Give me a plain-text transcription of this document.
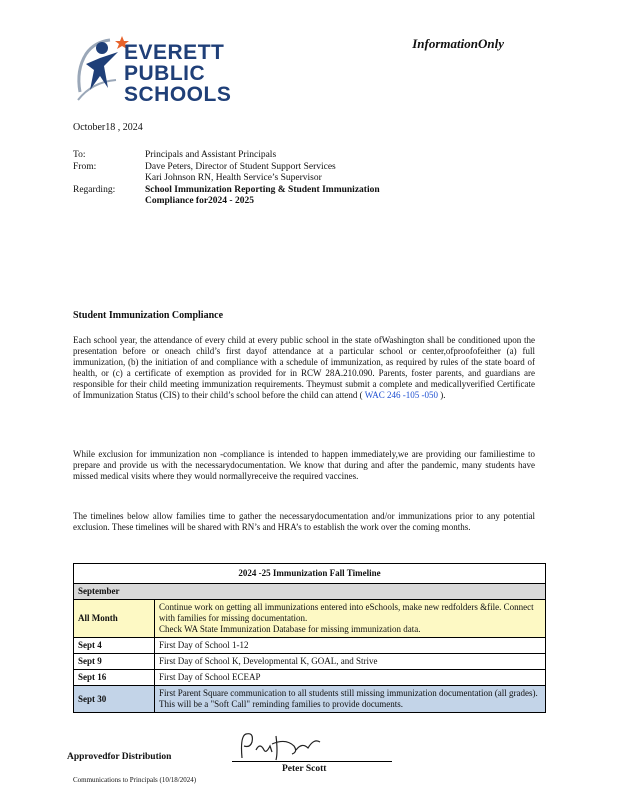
EVERETT
PUBLIC
SCHOOLS
InformationOnly
October18 , 2024
To:	Principals and Assistant Principals
From:	Dave Peters, Director of Student Support Services
Kari Johnson RN, Health Service’s Supervisor
Regarding:	School Immunization Reporting & Student Immunization
Compliance for2024 - 2025
Student Immunization Compliance
Each school year, the attendance of every child at every public school in the state ofWashington shall be conditioned upon the presentation before or oneach child’s first dayof attendance at a particular school or center,ofproofofeither (a) full immunization, (b) the initiation of and compliance with a schedule of immunization, as required by rules of the state board of health, or (c) a certificate of exemption as provided for in RCW 28A.210.090. Parents, foster parents, and guardians are responsible for their child meeting immunization requirements. Theymust submit a complete and medicallyverified Certificate of Immunization Status (CIS) to their child’s school before the child can attend ( WAC 246 -105 -050 ).
While exclusion for immunization non -compliance is intended to happen immediately,we are providing our familiestime to prepare and provide us with the necessarydocumentation. We know that during and after the pandemic, many students have missed medical visits where they would normallyreceive the required vaccines.
The timelines below allow families time to gather the necessarydocumentation and/or immunizations prior to any potential exclusion. These timelines will be shared with RN’s and HRA’s to establish the work over the coming months.
2024 -25 Immunization Fall Timeline	
September	
All Month	Continue work on getting all immunizations entered into eSchools, make new redfolders &file. Connect with families for missing documentation.
Check WA State Immunization Database for missing immunization data.

Sept 4	First Day of School 1-12
Sept 9	First Day of School K, Developmental K, GOAL, and Strive
Sept 16	First Day of School ECEAP
Sept 30	First Parent Square communication to all students still missing immunization documentation (all grades). This will be a "Soft Call" reminding families to provide documents.
Approvedfor Distribution
Peter Scott
Communications to Principals (10/18/2024)
